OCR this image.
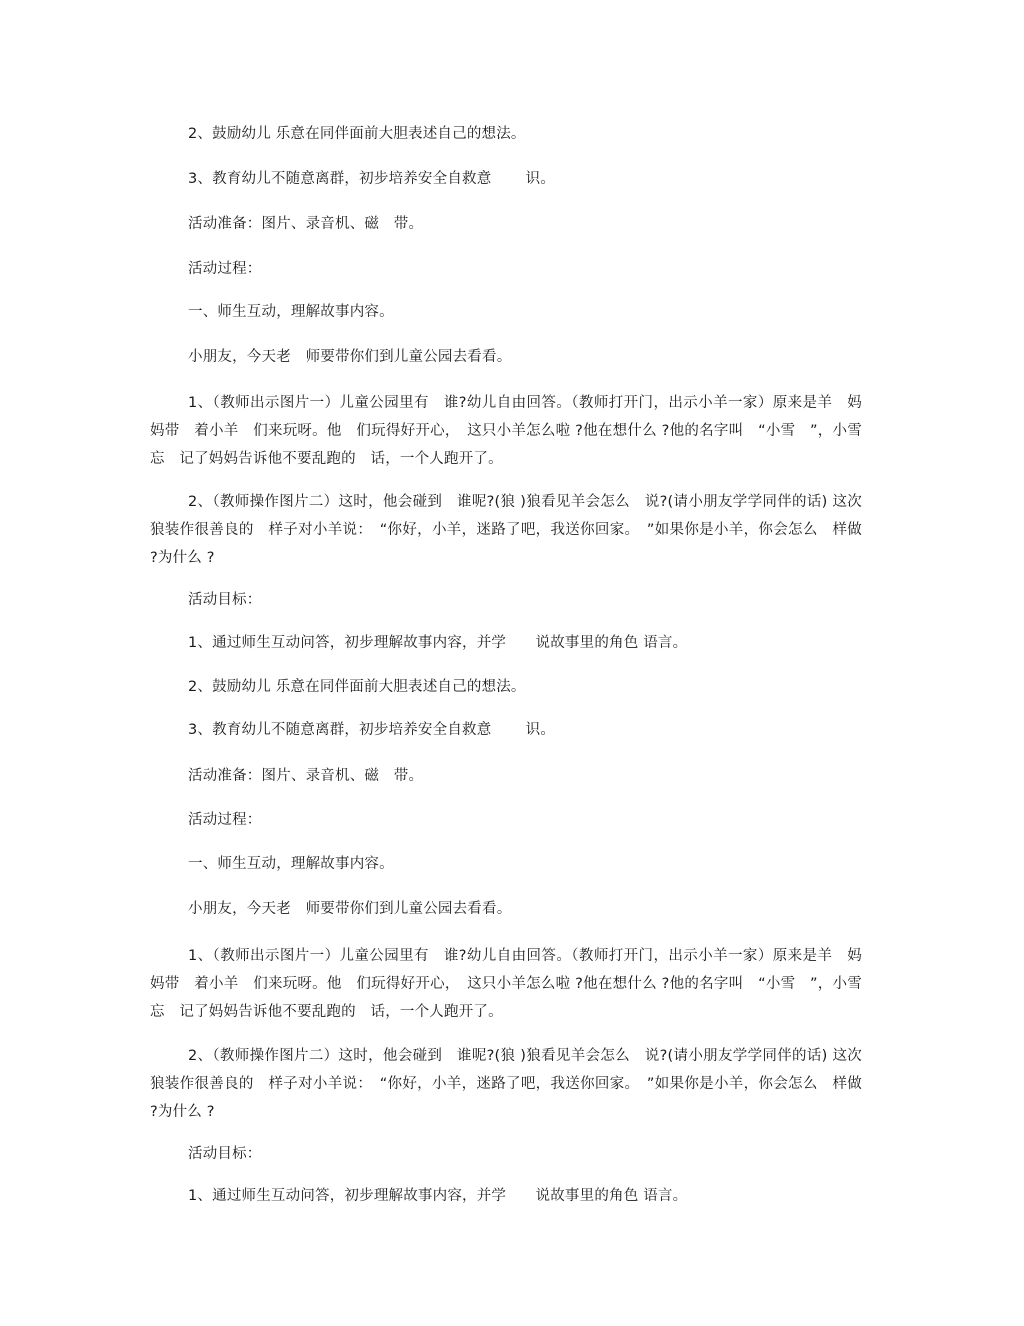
2、鼓励幼儿 乐意在同伴面前大胆表述自己的想法。
3、教育幼儿不随意离群，初步培养安全自救意 　　识。
活动准备：图片、录音机、磁　带。
活动过程：
一、师生互动，理解故事内容。
小朋友，今天老　师要带你们到儿童公园去看看。
1、（教师出示图片一）儿童公园里有　谁?幼儿自由回答。（教师打开门，出示小羊一家）原来是羊　妈妈带　着小羊　们来玩呀。他　们玩得好开心，　这只小羊怎么啦 ?他在想什么 ?他的名字叫　“小雪　”，小雪忘　记了妈妈告诉他不要乱跑的　话，一个人跑开了。
2、（教师操作图片二）这时，他会碰到　谁呢?(狼 )狼看见羊会怎么　说?(请小朋友学学同伴的话) 这次狼装作很善良的　样子对小羊说：　“你好，小羊，迷路了吧，我送你回家。　”如果你是小羊，你会怎么　样做 ?为什么 ?
活动目标：
1、通过师生互动问答，初步理解故事内容，并学　　说故事里的角色 语言。
2、鼓励幼儿 乐意在同伴面前大胆表述自己的想法。
3、教育幼儿不随意离群，初步培养安全自救意 　　识。
活动准备：图片、录音机、磁　带。
活动过程：
一、师生互动，理解故事内容。
小朋友，今天老　师要带你们到儿童公园去看看。
1、（教师出示图片一）儿童公园里有　谁?幼儿自由回答。（教师打开门，出示小羊一家）原来是羊　妈妈带　着小羊　们来玩呀。他　们玩得好开心，　这只小羊怎么啦 ?他在想什么 ?他的名字叫　“小雪　”，小雪忘　记了妈妈告诉他不要乱跑的　话，一个人跑开了。
2、（教师操作图片二）这时，他会碰到　谁呢?(狼 )狼看见羊会怎么　说?(请小朋友学学同伴的话) 这次狼装作很善良的　样子对小羊说：　“你好，小羊，迷路了吧，我送你回家。　”如果你是小羊，你会怎么　样做 ?为什么 ?
活动目标：
1、通过师生互动问答，初步理解故事内容，并学　　说故事里的角色 语言。
